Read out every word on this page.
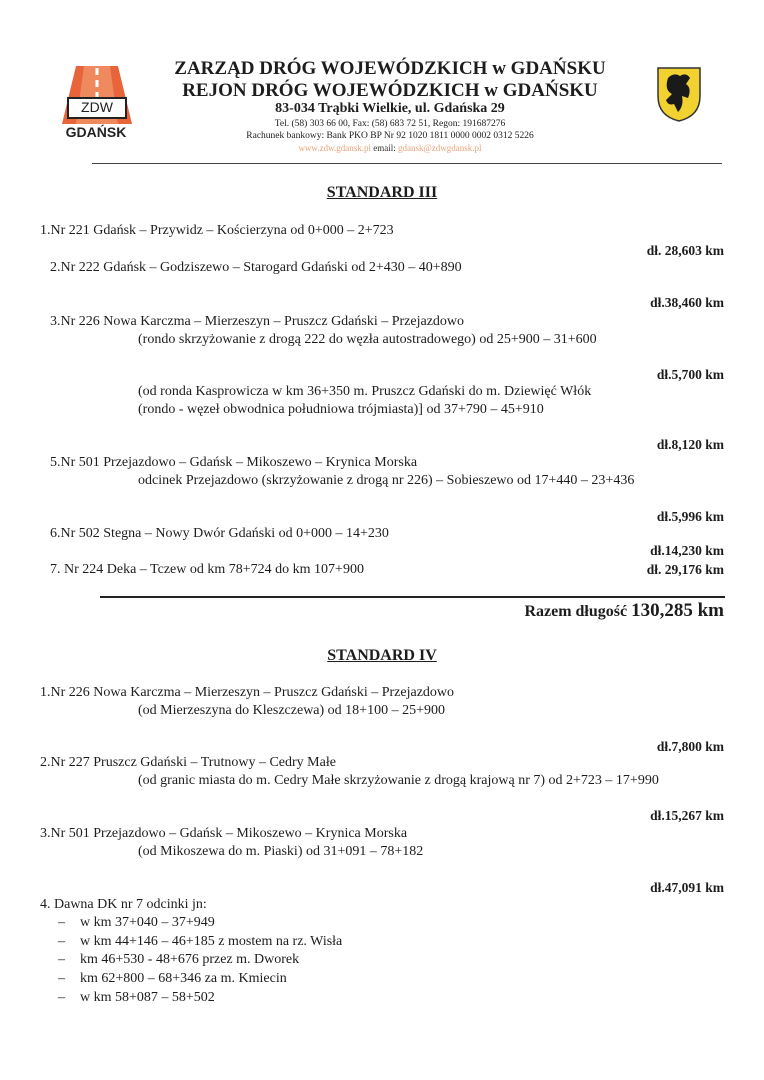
ZDW
GDAŃSK
ZARZĄD DRÓG WOJEWÓDZKICH w GDAŃSKU
REJON DRÓG WOJEWÓDZKICH w GDAŃSKU
83-034 Trąbki Wielkie, ul. Gdańska 29
Tel. (58) 303 66 00, Fax: (58) 683 72 51, Regon: 191687276
Rachunek bankowy: Bank PKO BP Nr 92 1020 1811 0000 0002 0312 5226
www.zdw.gdansk.pl email: gdansk@zdwgdansk.pl
STANDARD III
1.Nr 221 Gdańsk – Przywidz – Kościerzyna od 0+000 – 2+723
dł. 28,603 km
2.Nr 222 Gdańsk – Godziszewo – Starogard Gdański od 2+430 – 40+890
dł.38,460 km
3.Nr 226 Nowa Karczma – Mierzeszyn – Pruszcz Gdański – Przejazdowo
(rondo skrzyżowanie z drogą 222 do węzła autostradowego) od 25+900 – 31+600
dł.5,700 km
(od ronda Kasprowicza w km 36+350 m. Pruszcz Gdański do m. Dziewięć Włók
(rondo - węzeł obwodnica południowa trójmiasta)] od 37+790 – 45+910
dł.8,120 km
5.Nr 501 Przejazdowo – Gdańsk – Mikoszewo – Krynica Morska
odcinek Przejazdowo (skrzyżowanie z drogą nr 226) – Sobieszewo od 17+440 – 23+436
dł.5,996 km
6.Nr 502 Stegna – Nowy Dwór Gdański od 0+000 – 14+230
dł.14,230 km
7. Nr 224 Deka – Tczew od km 78+724 do km 107+900	dł. 29,176 km
Razem długość 130,285 km
STANDARD IV
1.Nr 226 Nowa Karczma – Mierzeszyn – Pruszcz Gdański – Przejazdowo
(od Mierzeszyna do Kleszczewa) od 18+100 – 25+900
dł.7,800 km
2.Nr 227 Pruszcz Gdański – Trutnowy – Cedry Małe
(od granic miasta do m. Cedry Małe skrzyżowanie z drogą krajową nr 7) od 2+723 – 17+990
dł.15,267 km
3.Nr 501 Przejazdowo – Gdańsk – Mikoszewo – Krynica Morska
(od Mikoszewa do m. Piaski) od 31+091 – 78+182
dł.47,091 km
4. Dawna DK nr 7 odcinki jn:
– w km 37+040 – 37+949
– w km 44+146 – 46+185 z mostem na rz. Wisła
– km 46+530 - 48+676 przez m. Dworek
– km 62+800 – 68+346 za m. Kmiecin
– w km 58+087 – 58+502
